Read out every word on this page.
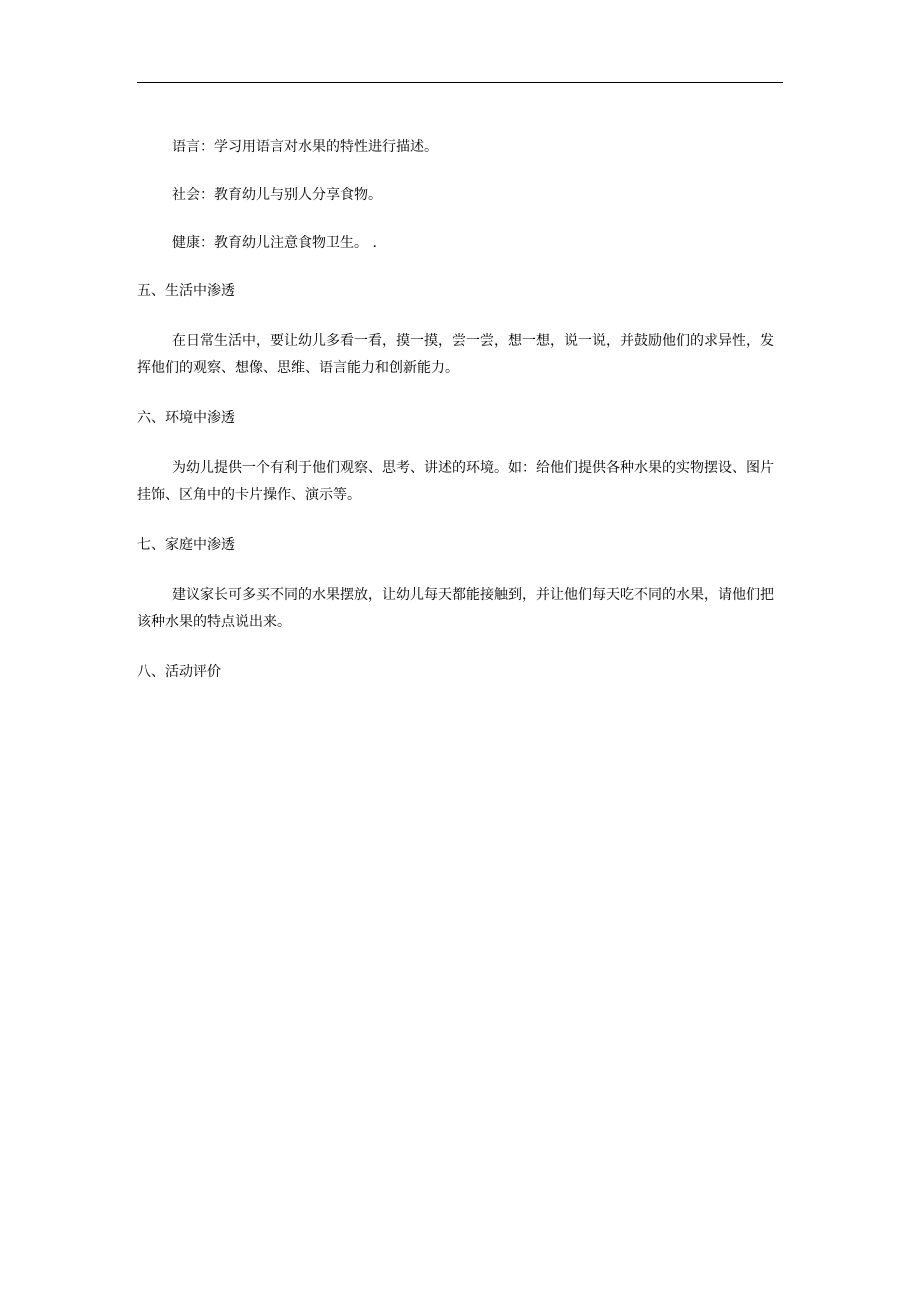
语言：学习用语言对水果的特性进行描述。

社会：教育幼儿与别人分享食物。

健康：教育幼儿注意食物卫生。 .

五、生活中渗透

在日常生活中，要让幼儿多看一看，摸一摸，尝一尝，想一想，说一说，并鼓励他们的求异性，发挥他们的观察、想像、思维、语言能力和创新能力。

六、环境中渗透

为幼儿提供一个有利于他们观察、思考、讲述的环境。如：给他们提供各种水果的实物摆设、图片挂饰、区角中的卡片操作、演示等。

七、家庭中渗透

建议家长可多买不同的水果摆放，让幼儿每天都能接触到，并让他们每天吃不同的水果，请他们把该种水果的特点说出来。

八、活动评价
